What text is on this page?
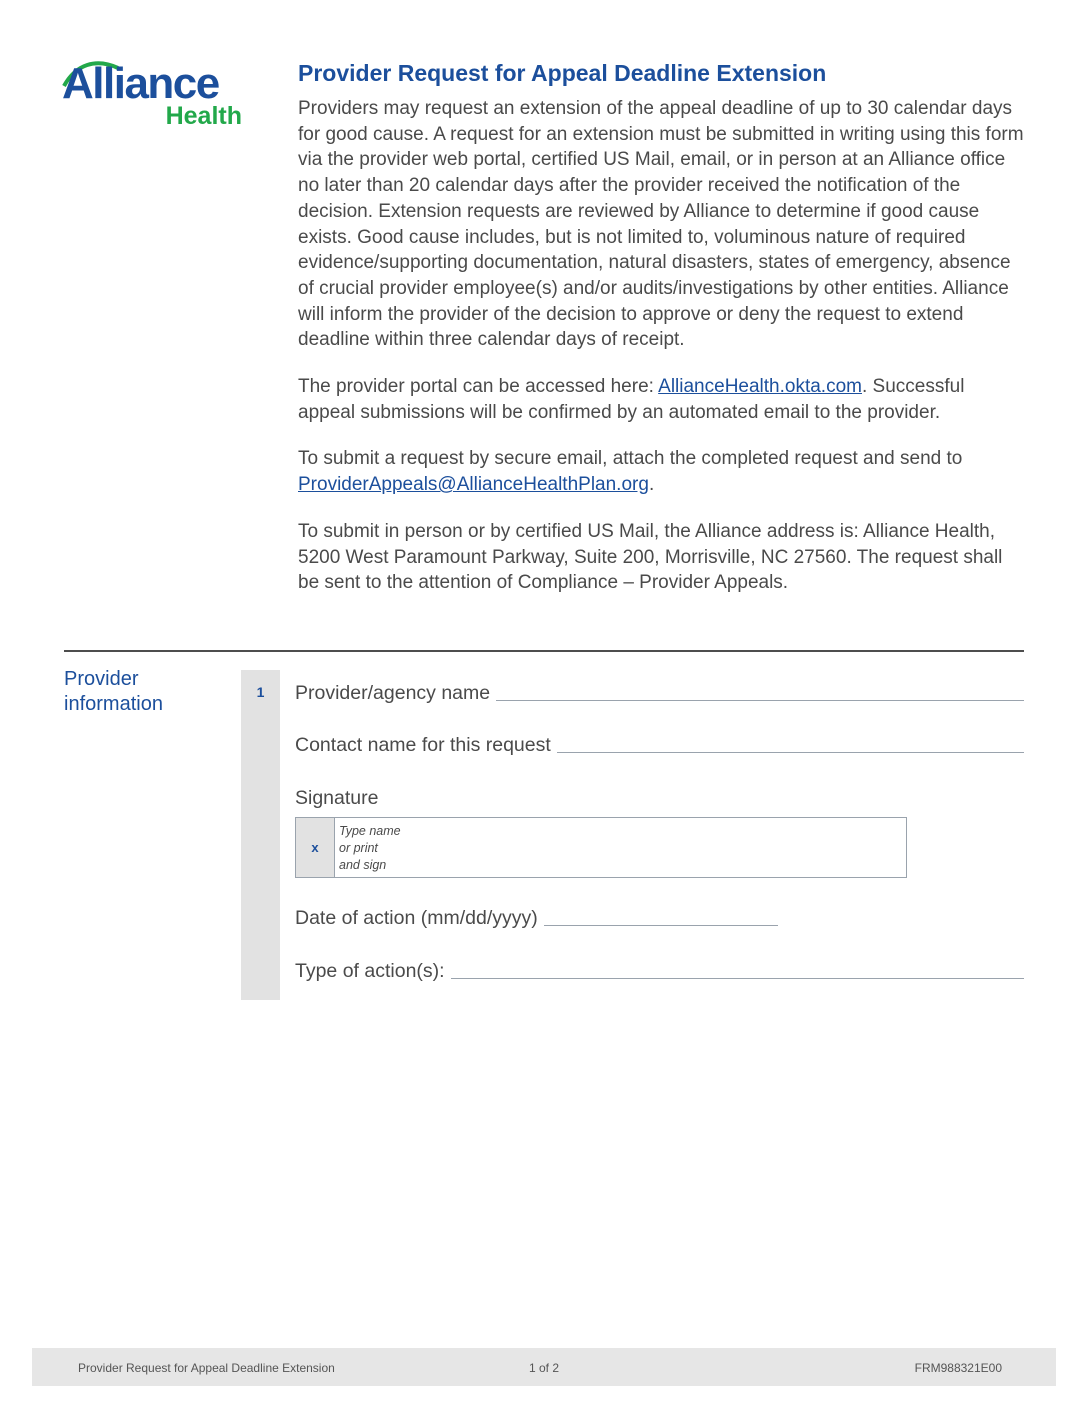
Alliance
Health
Provider Request for Appeal Deadline Extension

Providers may request an extension of the appeal deadline of up to 30 calendar days for good cause. A request for an extension must be submitted in writing using this form via the provider web portal, certified US Mail, email, or in person at an Alliance office no later than 20 calendar days after the provider received the notification of the decision. Extension requests are reviewed by Alliance to determine if good cause exists. Good cause includes, but is not limited to, voluminous nature of required evidence/supporting documentation, natural disasters, states of emergency, absence of crucial provider employee(s) and/or audits/investigations by other entities. Alliance will inform the provider of the decision to approve or deny the request to extend deadline within three calendar days of receipt.

The provider portal can be accessed here: AllianceHealth.okta.com. Successful appeal submissions will be confirmed by an automated email to the provider.

To submit a request by secure email, attach the completed request and send to ProviderAppeals@AllianceHealthPlan.org.

To submit in person or by certified US Mail, the Alliance address is: Alliance Health, 5200 West Paramount Parkway, Suite 200, Morrisville, NC 27560. The request shall be sent to the attention of Compliance – Provider Appeals.

Provider
information
1	Provider/agency name
Contact name for this request
Signature
x
Type name
or print
and sign
Date of action (mm/dd/yyyy)
Type of action(s):
Provider Request for Appeal Deadline Extension	1 of 2	FRM988321E00
